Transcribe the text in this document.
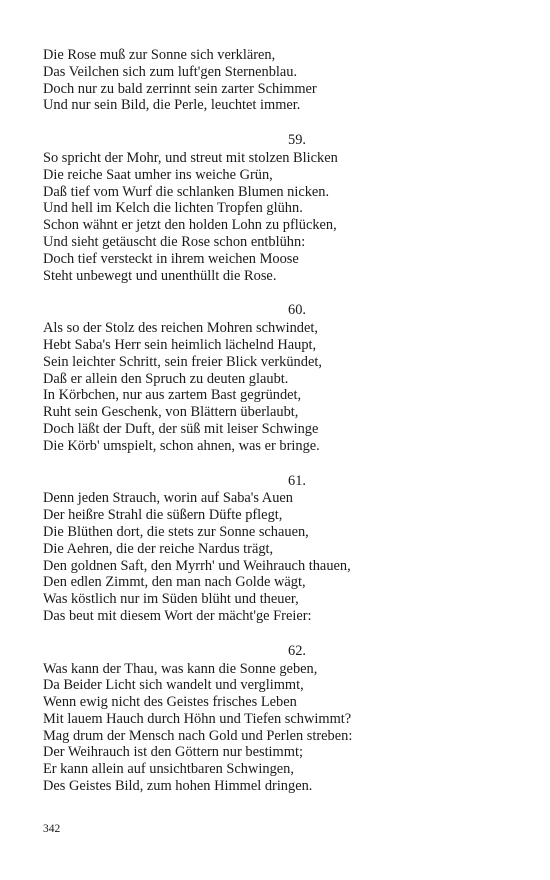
Die Rose muß zur Sonne sich verklären,
Das Veilchen sich zum luft'gen Sternenblau.
Doch nur zu bald zerrinnt sein zarter Schimmer
Und nur sein Bild, die Perle, leuchtet immer.
59.
So spricht der Mohr, und streut mit stolzen Blicken
Die reiche Saat umher ins weiche Grün,
Daß tief vom Wurf die schlanken Blumen nicken.
Und hell im Kelch die lichten Tropfen glühn.
Schon wähnt er jetzt den holden Lohn zu pflücken,
Und sieht getäuscht die Rose schon entblühn:
Doch tief versteckt in ihrem weichen Moose
Steht unbewegt und unenthüllt die Rose.
60.
Als so der Stolz des reichen Mohren schwindet,
Hebt Saba's Herr sein heimlich lächelnd Haupt,
Sein leichter Schritt, sein freier Blick verkündet,
Daß er allein den Spruch zu deuten glaubt.
In Körbchen, nur aus zartem Bast gegründet,
Ruht sein Geschenk, von Blättern überlaubt,
Doch läßt der Duft, der süß mit leiser Schwinge
Die Körb' umspielt, schon ahnen, was er bringe.
61.
Denn jeden Strauch, worin auf Saba's Auen
Der heißre Strahl die süßern Düfte pflegt,
Die Blüthen dort, die stets zur Sonne schauen,
Die Aehren, die der reiche Nardus trägt,
Den goldnen Saft, den Myrrh' und Weihrauch thauen,
Den edlen Zimmt, den man nach Golde wägt,
Was köstlich nur im Süden blüht und theuer,
Das beut mit diesem Wort der mächt'ge Freier:
62.
Was kann der Thau, was kann die Sonne geben,
Da Beider Licht sich wandelt und verglimmt,
Wenn ewig nicht des Geistes frisches Leben
Mit lauem Hauch durch Höhn und Tiefen schwimmt?
Mag drum der Mensch nach Gold und Perlen streben:
Der Weihrauch ist den Göttern nur bestimmt;
Er kann allein auf unsichtbaren Schwingen,
Des Geistes Bild, zum hohen Himmel dringen.
342
